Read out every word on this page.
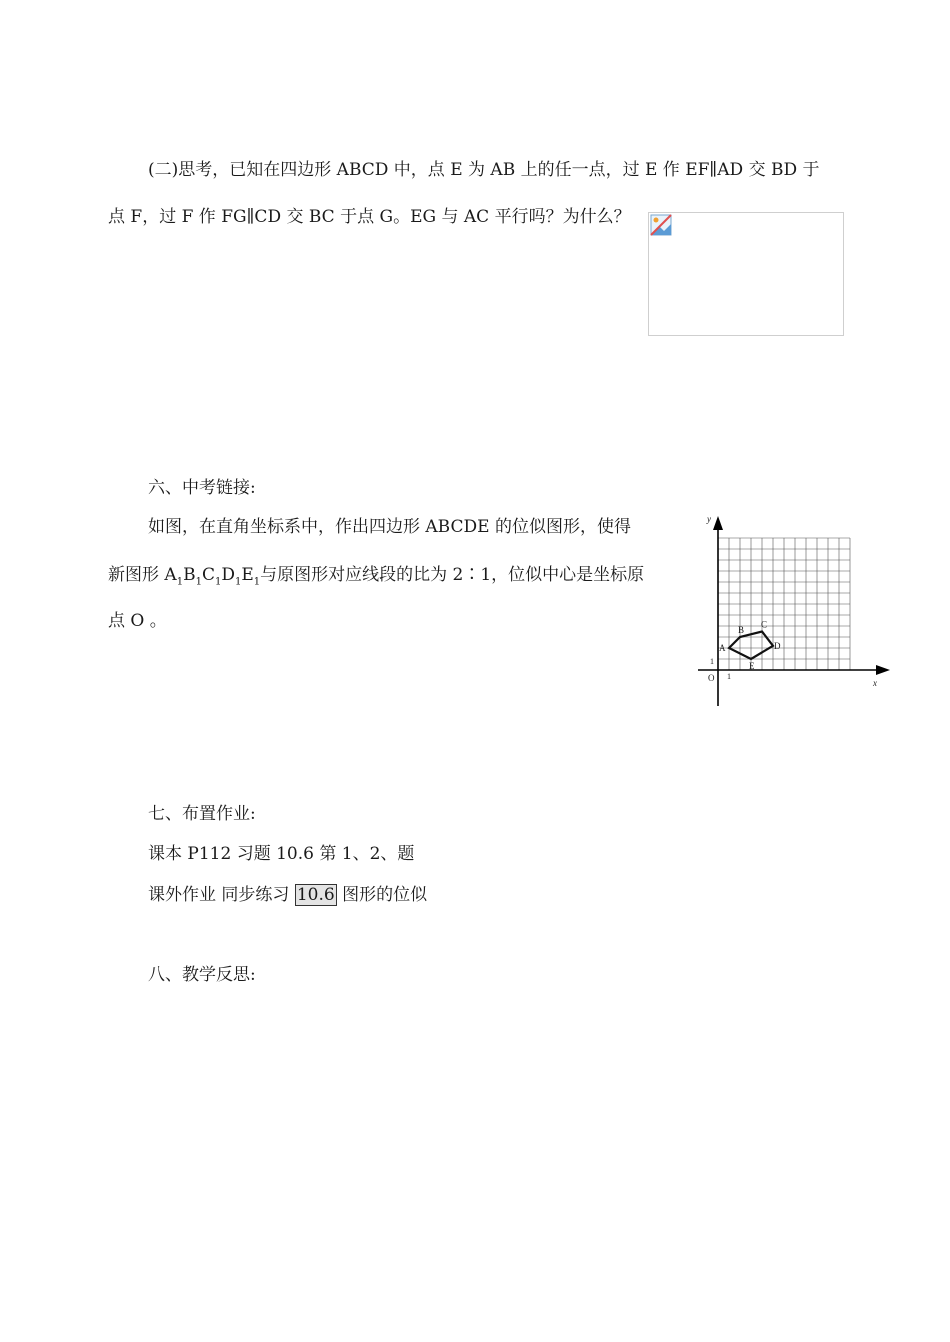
(二)思考，已知在四边形 ABCD 中，点 E 为 AB 上的任一点，过 E 作 EF∥AD 交 BD 于
点 F，过 F 作 FG∥CD 交 BC 于点 G。EG 与 AC 平行吗？为什么？
六、中考链接:
如图，在直角坐标系中，作出四边形 ABCDE 的位似图形，使得
新图形 $A_1B_1C_1D_1E_1$与原图形对应线段的比为 2∶1，位似中心是坐标原
点 O 。
x
y
O 1
1
A
B
C
D
E
七、布置作业:
课本 P112 习题 10.6 第 1、2、题
课外作业 同步练习 10.6 图形的位似
八、教学反思:
